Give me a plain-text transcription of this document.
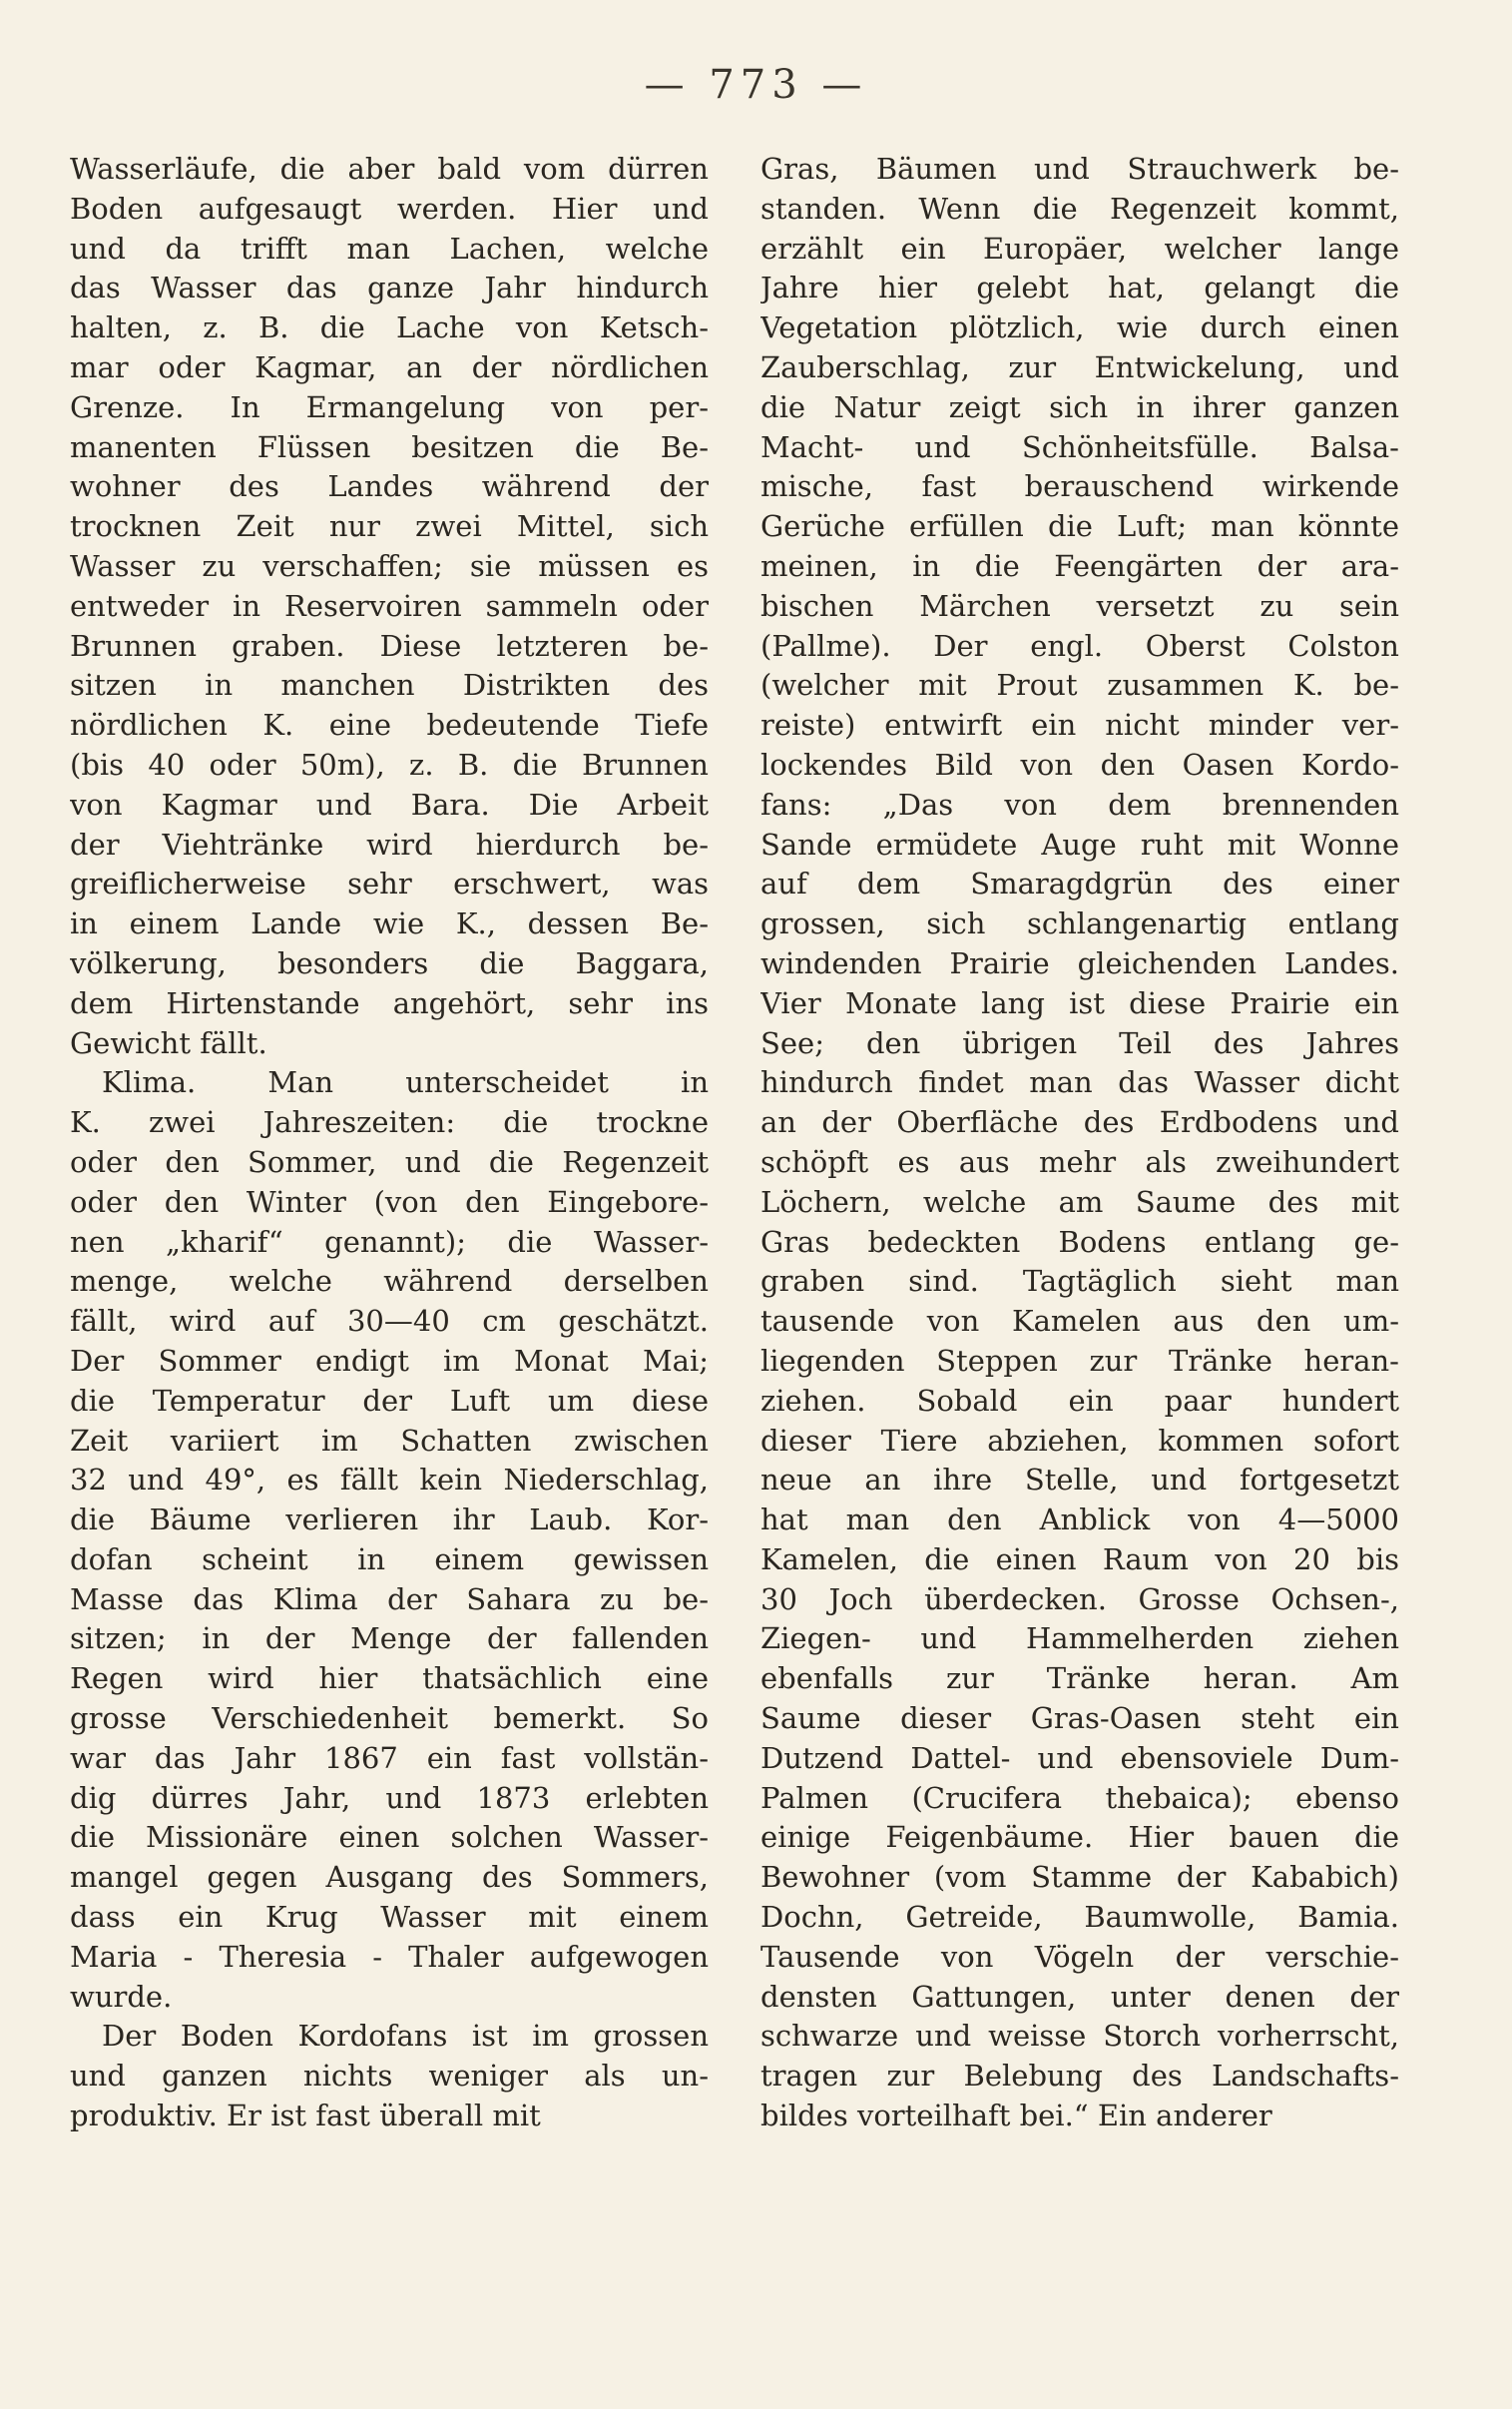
— 773 —
Wasserläufe, die aber bald vom dürren
Boden aufgesaugt werden. Hier und
und da trifft man Lachen, welche
das Wasser das ganze Jahr hindurch
halten, z. B. die Lache von Ketsch-
mar oder Kagmar, an der nördlichen
Grenze. In Ermangelung von per-
manenten Flüssen besitzen die Be-
wohner des Landes während der
trocknen Zeit nur zwei Mittel, sich
Wasser zu verschaffen; sie müssen es
entweder in Reservoiren sammeln oder
Brunnen graben. Diese letzteren be-
sitzen in manchen Distrikten des
nördlichen K. eine bedeutende Tiefe
(bis 40 oder 50m), z. B. die Brunnen
von Kagmar und Bara. Die Arbeit
der Viehtränke wird hierdurch be-
greiflicherweise sehr erschwert, was
in einem Lande wie K., dessen Be-
völkerung, besonders die Baggara,
dem Hirtenstande angehört, sehr ins
Gewicht fällt.
Klima. Man unterscheidet in
K. zwei Jahreszeiten: die trockne
oder den Sommer, und die Regenzeit
oder den Winter (von den Eingebore-
nen „kharif“ genannt); die Wasser-
menge, welche während derselben
fällt, wird auf 30—40 cm geschätzt.
Der Sommer endigt im Monat Mai;
die Temperatur der Luft um diese
Zeit variiert im Schatten zwischen
32 und 49°, es fällt kein Niederschlag,
die Bäume verlieren ihr Laub. Kor-
dofan scheint in einem gewissen
Masse das Klima der Sahara zu be-
sitzen; in der Menge der fallenden
Regen wird hier thatsächlich eine
grosse Verschiedenheit bemerkt. So
war das Jahr 1867 ein fast vollstän-
dig dürres Jahr, und 1873 erlebten
die Missionäre einen solchen Wasser-
mangel gegen Ausgang des Sommers,
dass ein Krug Wasser mit einem
Maria - Theresia - Thaler aufgewogen
wurde.
Der Boden Kordofans ist im grossen
und ganzen nichts weniger als un-
produktiv. Er ist fast überall mit
Gras, Bäumen und Strauchwerk be-
standen. Wenn die Regenzeit kommt,
erzählt ein Europäer, welcher lange
Jahre hier gelebt hat, gelangt die
Vegetation plötzlich, wie durch einen
Zauberschlag, zur Entwickelung, und
die Natur zeigt sich in ihrer ganzen
Macht- und Schönheitsfülle. Balsa-
mische, fast berauschend wirkende
Gerüche erfüllen die Luft; man könnte
meinen, in die Feengärten der ara-
bischen Märchen versetzt zu sein
(Pallme). Der engl. Oberst Colston
(welcher mit Prout zusammen K. be-
reiste) entwirft ein nicht minder ver-
lockendes Bild von den Oasen Kordo-
fans: „Das von dem brennenden
Sande ermüdete Auge ruht mit Wonne
auf dem Smaragdgrün des einer
grossen, sich schlangenartig entlang
windenden Prairie gleichenden Landes.
Vier Monate lang ist diese Prairie ein
See; den übrigen Teil des Jahres
hindurch findet man das Wasser dicht
an der Oberfläche des Erdbodens und
schöpft es aus mehr als zweihundert
Löchern, welche am Saume des mit
Gras bedeckten Bodens entlang ge-
graben sind. Tagtäglich sieht man
tausende von Kamelen aus den um-
liegenden Steppen zur Tränke heran-
ziehen. Sobald ein paar hundert
dieser Tiere abziehen, kommen sofort
neue an ihre Stelle, und fortgesetzt
hat man den Anblick von 4—5000
Kamelen, die einen Raum von 20 bis
30 Joch überdecken. Grosse Ochsen-,
Ziegen- und Hammelherden ziehen
ebenfalls zur Tränke heran. Am
Saume dieser Gras-Oasen steht ein
Dutzend Dattel- und ebensoviele Dum-
Palmen (Crucifera thebaica); ebenso
einige Feigenbäume. Hier bauen die
Bewohner (vom Stamme der Kababich)
Dochn, Getreide, Baumwolle, Bamia.
Tausende von Vögeln der verschie-
densten Gattungen, unter denen der
schwarze und weisse Storch vorherrscht,
tragen zur Belebung des Landschafts-
bildes vorteilhaft bei.“ Ein anderer
